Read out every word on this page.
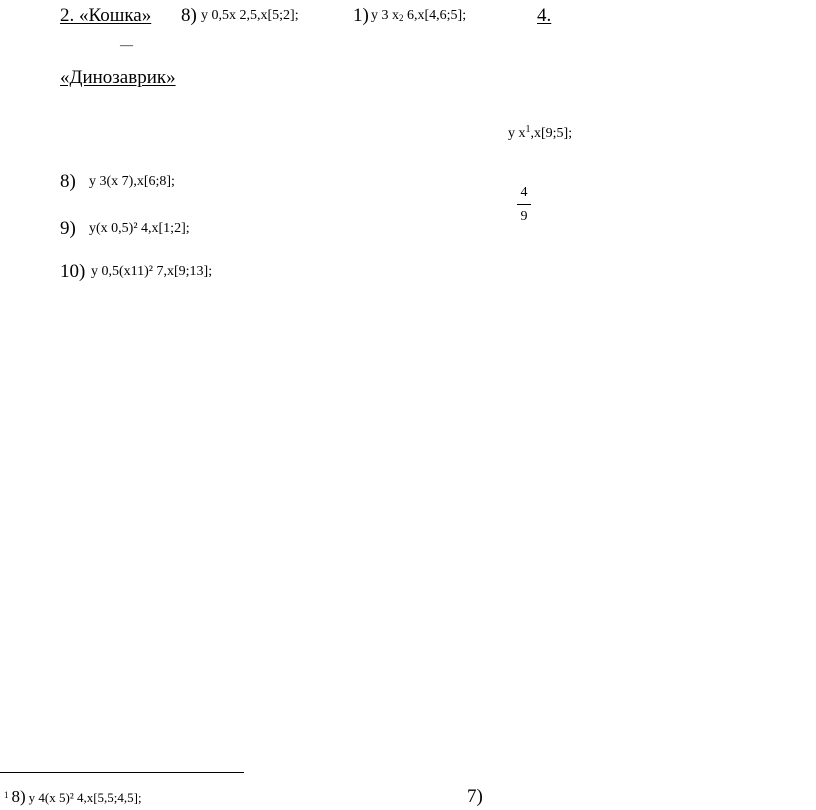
2. «Кошка» 8) y 0,5x 2,5,x[5;2];	1) y 3 x2 6,x[4,6;5];	4.
—
«Динозаврик»
y $x^1,x[9;5]$;
4
9
8) y 3(x 7),x[6;8];
9) y(x 0,5)² 4,x[1;2];
10) y 0,5(x11)² 7,x[9;13];
$^1$ 8) y 4(x 5)² 4,x[5,5;4,5];	7)
